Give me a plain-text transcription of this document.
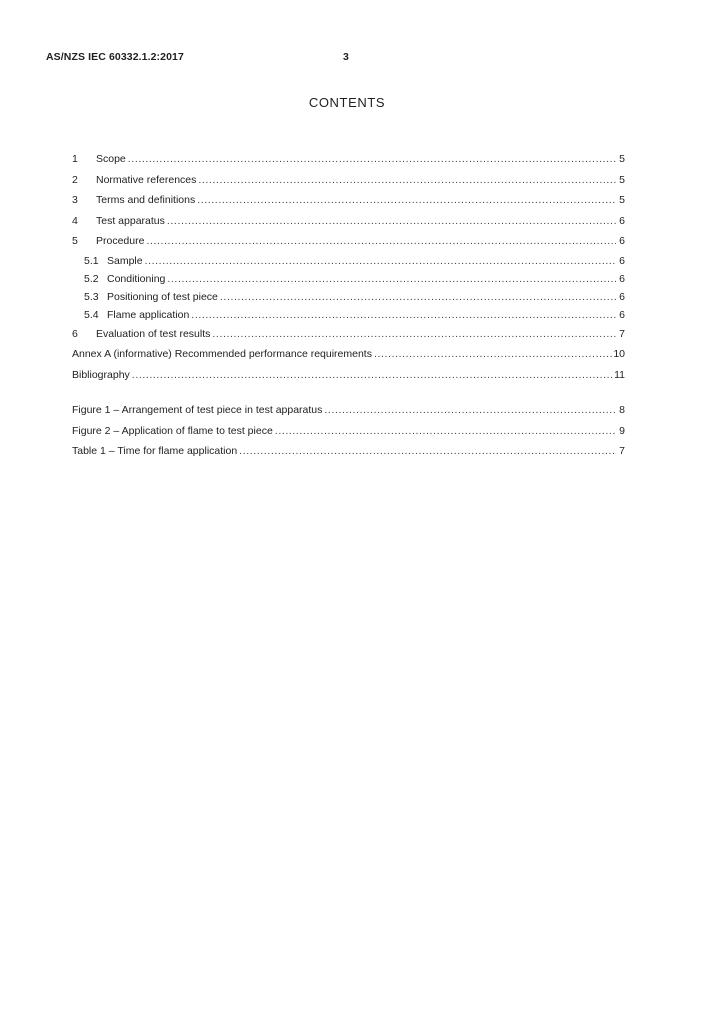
AS/NZS IEC 60332.1.2:2017	3
CONTENTS
1	Scope .....	5
2	Normative references .....	5
3	Terms and definitions .....	5
4	Test apparatus .....	6
5	Procedure .....	6
5.1 Sample .....	6
5.2 Conditioning .....	6
5.3 Positioning of test piece .....	6
5.4 Flame application .....	6
6	Evaluation of test results .....	7
Annex A (informative) Recommended performance requirements .....	10
Bibliography .....	11
Figure 1 – Arrangement of test piece in test apparatus .....	8
Figure 2 – Application of flame to test piece .....	9
Table 1 – Time for flame application .....	7
